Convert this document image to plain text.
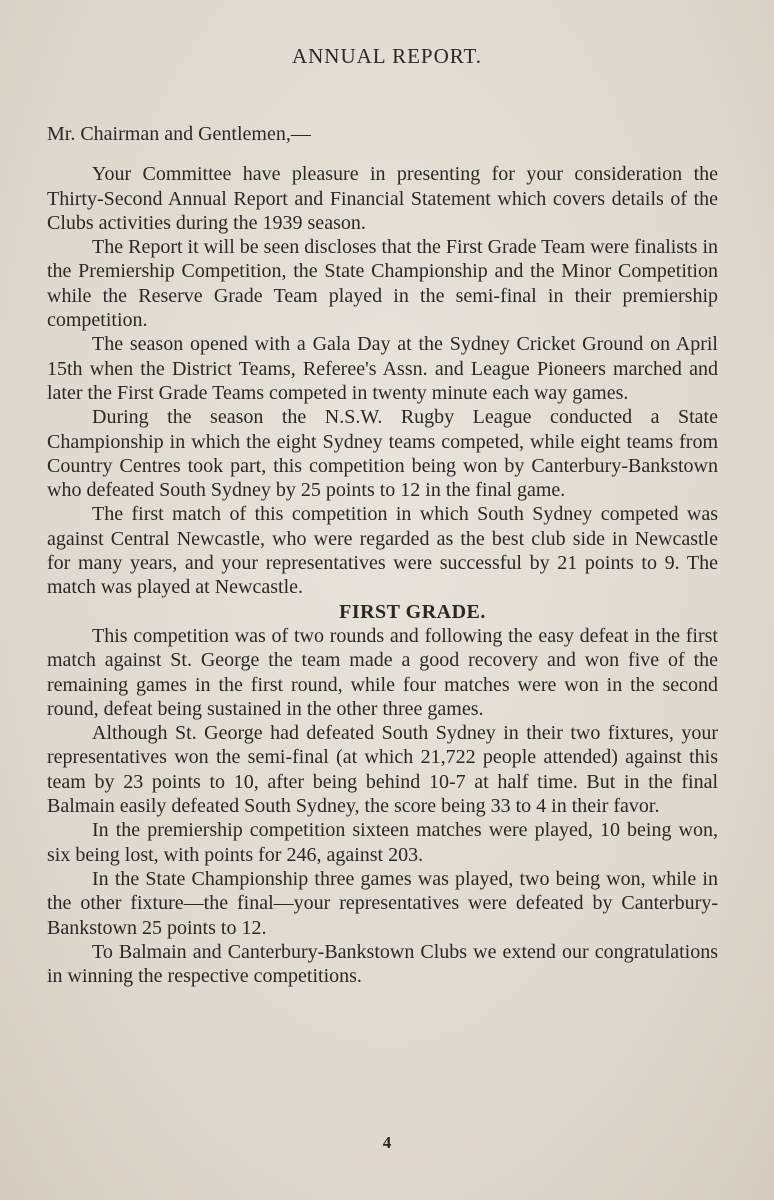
ANNUAL REPORT.

Mr. Chairman and Gentlemen,—

Your Committee have pleasure in presenting for your consideration the Thirty-Second Annual Report and Financial Statement which covers details of the Clubs activities during the 1939 season.

The Report it will be seen discloses that the First Grade Team were finalists in the Premiership Competition, the State Championship and the Minor Competition while the Reserve Grade Team played in the semi-final in their premiership competition.

The season opened with a Gala Day at the Sydney Cricket Ground on April 15th when the District Teams, Referee's Assn. and League Pioneers marched and later the First Grade Teams competed in twenty minute each way games.

During the season the N.S.W. Rugby League conducted a State Championship in which the eight Sydney teams competed, while eight teams from Country Centres took part, this competition being won by Canterbury-Bankstown who defeated South Sydney by 25 points to 12 in the final game.

The first match of this competition in which South Sydney competed was against Central Newcastle, who were regarded as the best club side in Newcastle for many years, and your representatives were successful by 21 points to 9. The match was played at Newcastle.

FIRST GRADE.

This competition was of two rounds and following the easy defeat in the first match against St. George the team made a good recovery and won five of the remaining games in the first round, while four matches were won in the second round, defeat being sustained in the other three games.

Although St. George had defeated South Sydney in their two fixtures, your representatives won the semi-final (at which 21,722 people attended) against this team by 23 points to 10, after being behind 10-7 at half time. But in the final Balmain easily defeated South Sydney, the score being 33 to 4 in their favor.

In the premiership competition sixteen matches were played, 10 being won, six being lost, with points for 246, against 203.

In the State Championship three games was played, two being won, while in the other fixture—the final—your representatives were defeated by Canterbury-Bankstown 25 points to 12.

To Balmain and Canterbury-Bankstown Clubs we extend our congratulations in winning the respective competitions.

4
